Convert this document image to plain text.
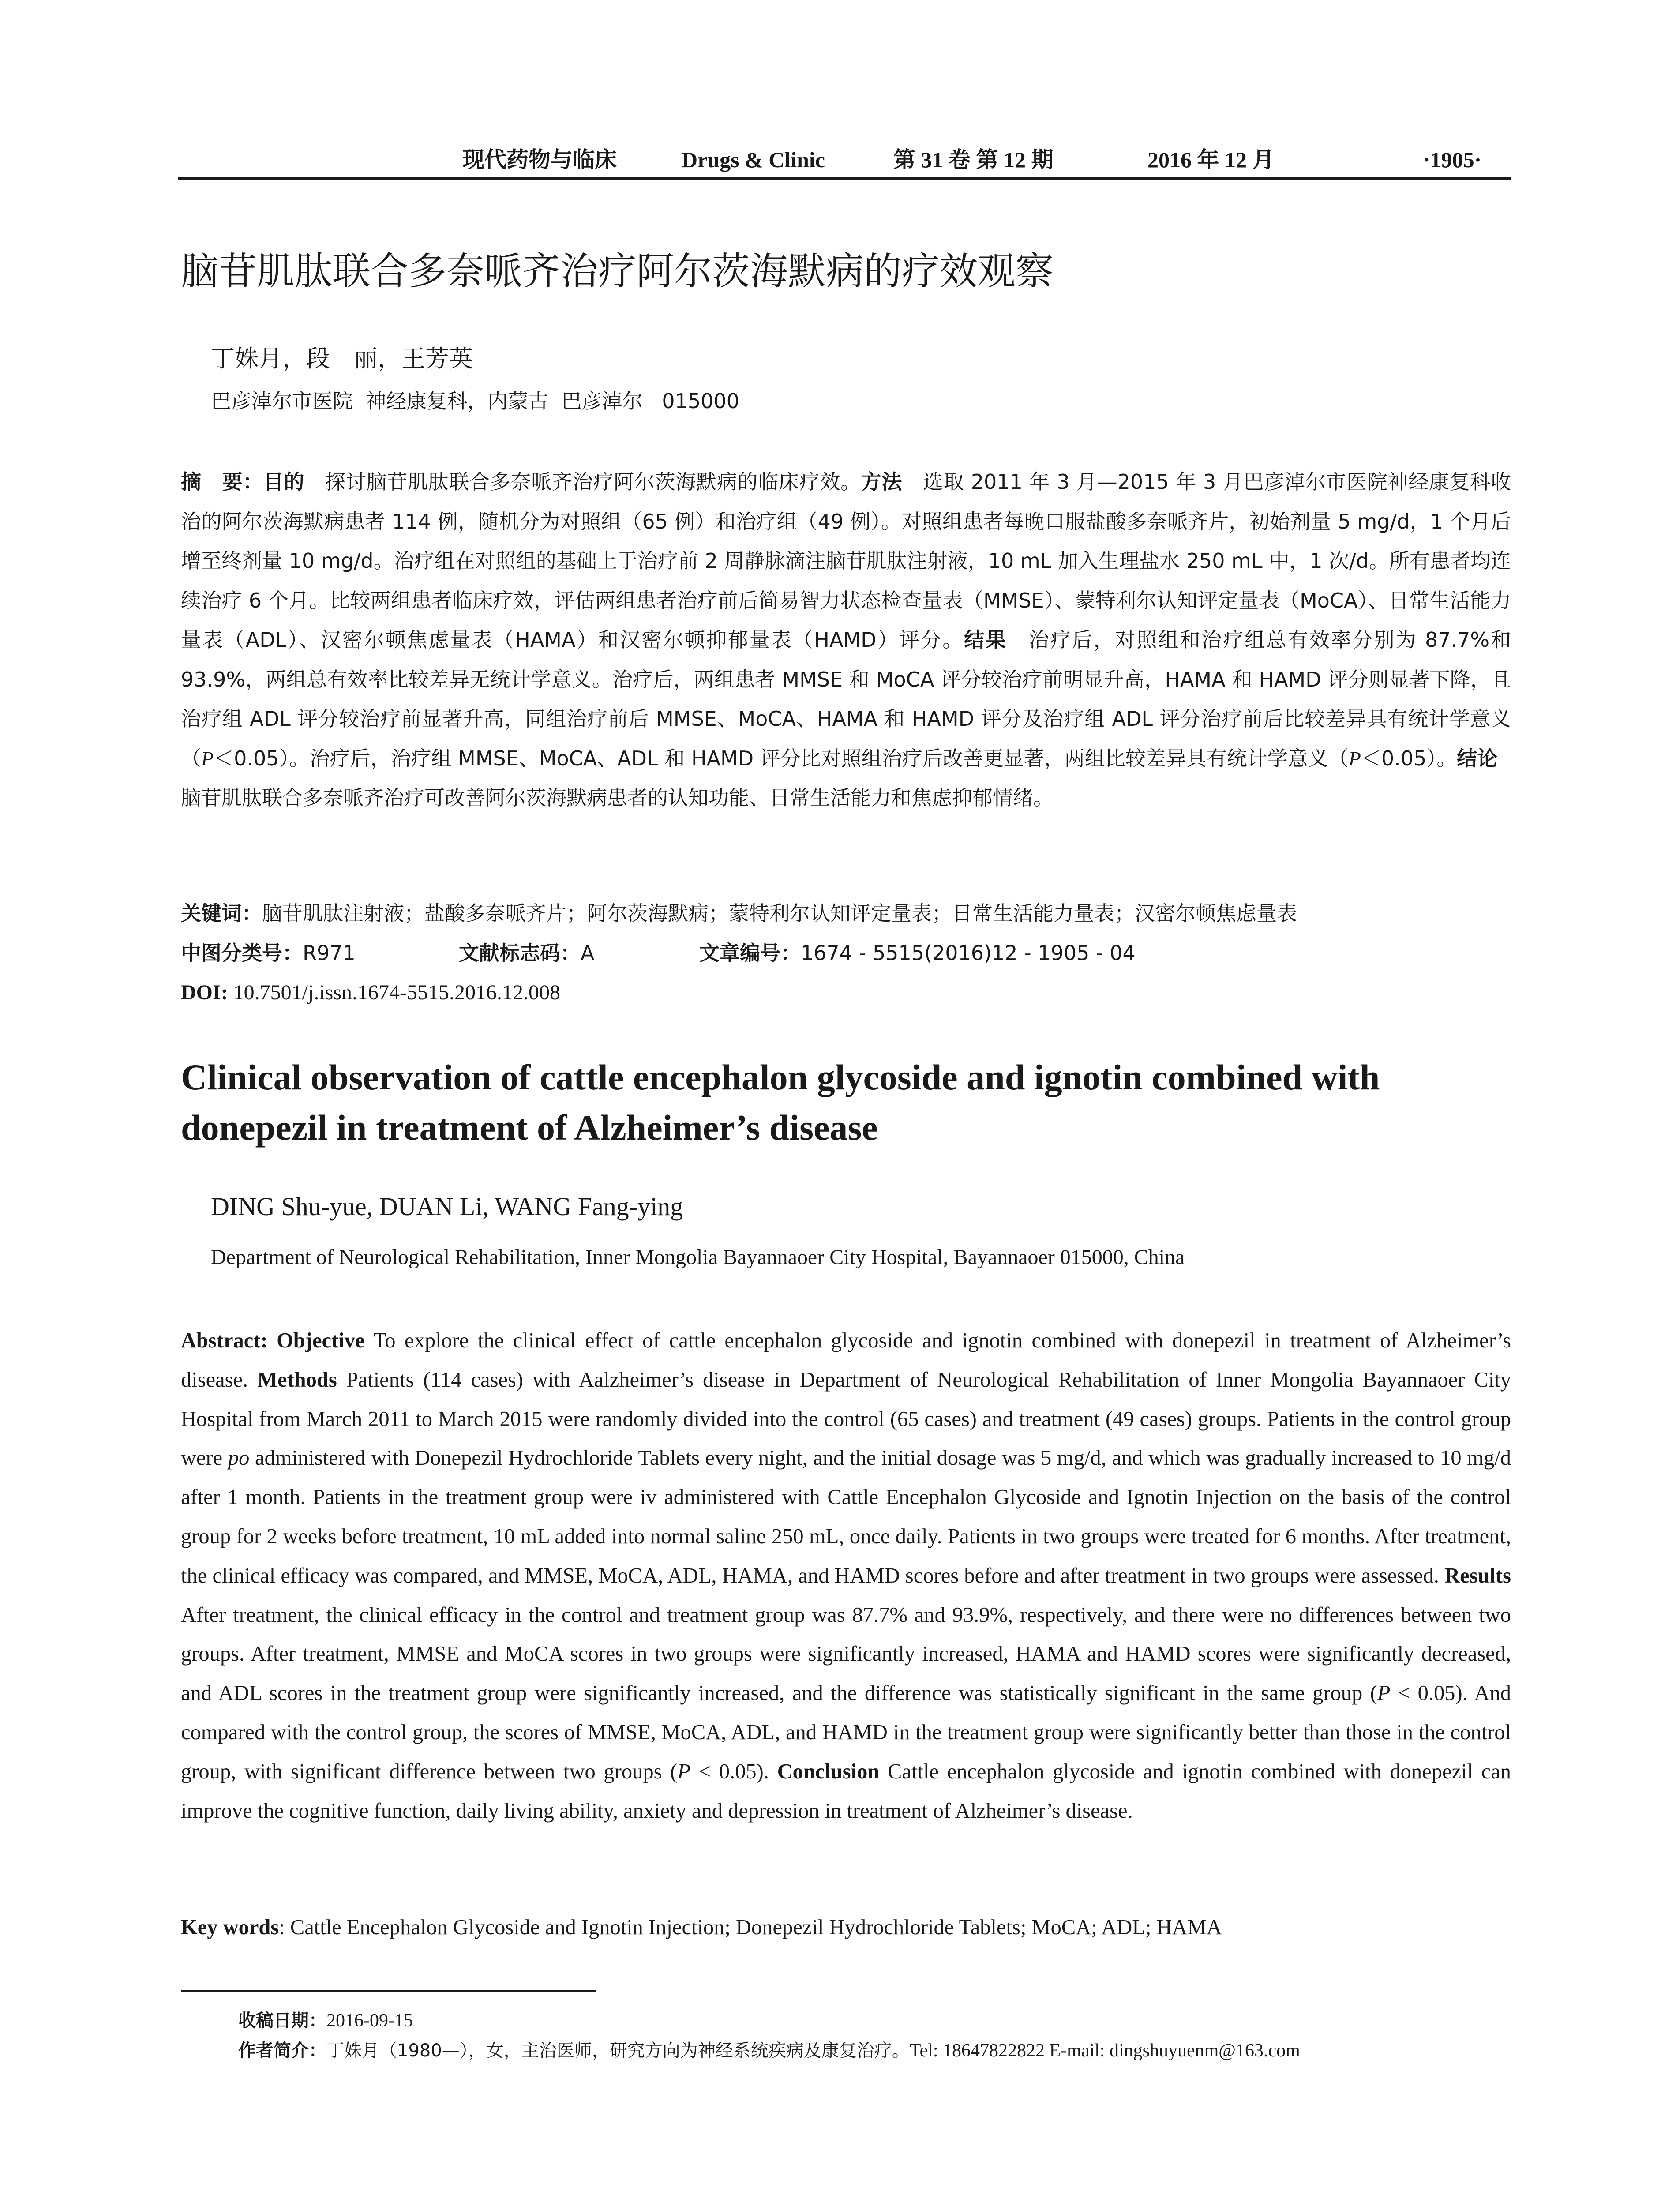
现代药物与临床	Drugs & Clinic	第 31 卷 第 12 期	2016 年 12 月	·1905·
脑苷肌肽联合多奈哌齐治疗阿尔茨海默病的疗效观察
丁姝月，段　丽，王芳英
巴彦淖尔市医院  神经康复科，内蒙古  巴彦淖尔   015000
摘　要：目的　探讨脑苷肌肽联合多奈哌齐治疗阿尔茨海默病的临床疗效。方法　选取 2011 年 3 月—2015 年 3 月巴彦淖尔市医院神经康复科收治的阿尔茨海默病患者 114 例，随机分为对照组（65 例）和治疗组（49 例）。对照组患者每晚口服盐酸多奈哌齐片，初始剂量 5 mg/d，1 个月后增至终剂量 10 mg/d。治疗组在对照组的基础上于治疗前 2 周静脉滴注脑苷肌肽注射液，10 mL 加入生理盐水 250 mL 中，1 次/d。所有患者均连续治疗 6 个月。比较两组患者临床疗效，评估两组患者治疗前后简易智力状态检查量表（MMSE）、蒙特利尔认知评定量表（MoCA）、日常生活能力量表（ADL）、汉密尔顿焦虑量表（HAMA）和汉密尔顿抑郁量表（HAMD）评分。结果　治疗后，对照组和治疗组总有效率分别为 87.7%和 93.9%，两组总有效率比较差异无统计学意义。治疗后，两组患者 MMSE 和 MoCA 评分较治疗前明显升高，HAMA 和 HAMD 评分则显著下降，且治疗组 ADL 评分较治疗前显著升高，同组治疗前后 MMSE、MoCA、HAMA 和 HAMD 评分及治疗组 ADL 评分治疗前后比较差异具有统计学意义（P＜0.05）。治疗后，治疗组 MMSE、MoCA、ADL 和 HAMD 评分比对照组治疗后改善更显著，两组比较差异具有统计学意义（P＜0.05）。结论　脑苷肌肽联合多奈哌齐治疗可改善阿尔茨海默病患者的认知功能、日常生活能力和焦虑抑郁情绪。
关键词：脑苷肌肽注射液；盐酸多奈哌齐片；阿尔茨海默病；蒙特利尔认知评定量表；日常生活能力量表；汉密尔顿焦虑量表

中图分类号： R971

	文献标志码： A

	文章编号： 1674 - 5515(2016)12 - 1905 - 04

DOI: 10.7501/j.issn.1674-5515.2016.12.008
Clinical observation of cattle encephalon glycoside and ignotin combined with donepezil in treatment of Alzheimer’s disease
DING Shu-yue, DUAN Li, WANG Fang-ying
Department of Neurological Rehabilitation, Inner Mongolia Bayannaoer City Hospital, Bayannaoer 015000, China
Abstract: Objective To explore the clinical effect of cattle encephalon glycoside and ignotin combined with donepezil in treatment of Alzheimer’s disease. Methods Patients (114 cases) with Aalzheimer’s disease in Department of Neurological Rehabilitation of Inner Mongolia Bayannaoer City Hospital from March 2011 to March 2015 were randomly divided into the control (65 cases) and treatment (49 cases) groups. Patients in the control group were po administered with Donepezil Hydrochloride Tablets every night, and the initial dosage was 5 mg/d, and which was gradually increased to 10 mg/d after 1 month. Patients in the treatment group were iv administered with Cattle Encephalon Glycoside and Ignotin Injection on the basis of the control group for 2 weeks before treatment, 10 mL added into normal saline 250 mL, once daily. Patients in two groups were treated for 6 months. After treatment, the clinical efficacy was compared, and MMSE, MoCA, ADL, HAMA, and HAMD scores before and after treatment in two groups were assessed. Results After treatment, the clinical efficacy in the control and treatment group was 87.7% and 93.9%, respectively, and there were no differences between two groups. After treatment, MMSE and MoCA scores in two groups were significantly increased, HAMA and HAMD scores were significantly decreased, and ADL scores in the treatment group were significantly increased, and the difference was statistically significant in the same group (P < 0.05). And compared with the control group, the scores of MMSE, MoCA, ADL, and HAMD in the treatment group were significantly better than those in the control group, with significant difference between two groups (P < 0.05). Conclusion Cattle encephalon glycoside and ignotin combined with donepezil can improve the cognitive function, daily living ability, anxiety and depression in treatment of Alzheimer’s disease.
Key words: Cattle Encephalon Glycoside and Ignotin Injection; Donepezil Hydrochloride Tablets; MoCA; ADL; HAMA
收稿日期：2016-09-15
作者简介：丁姝月（1980—），女，主治医师，研究方向为神经系统疾病及康复治疗。Tel: 18647822822 E-mail: dingshuyuenm@163.com
